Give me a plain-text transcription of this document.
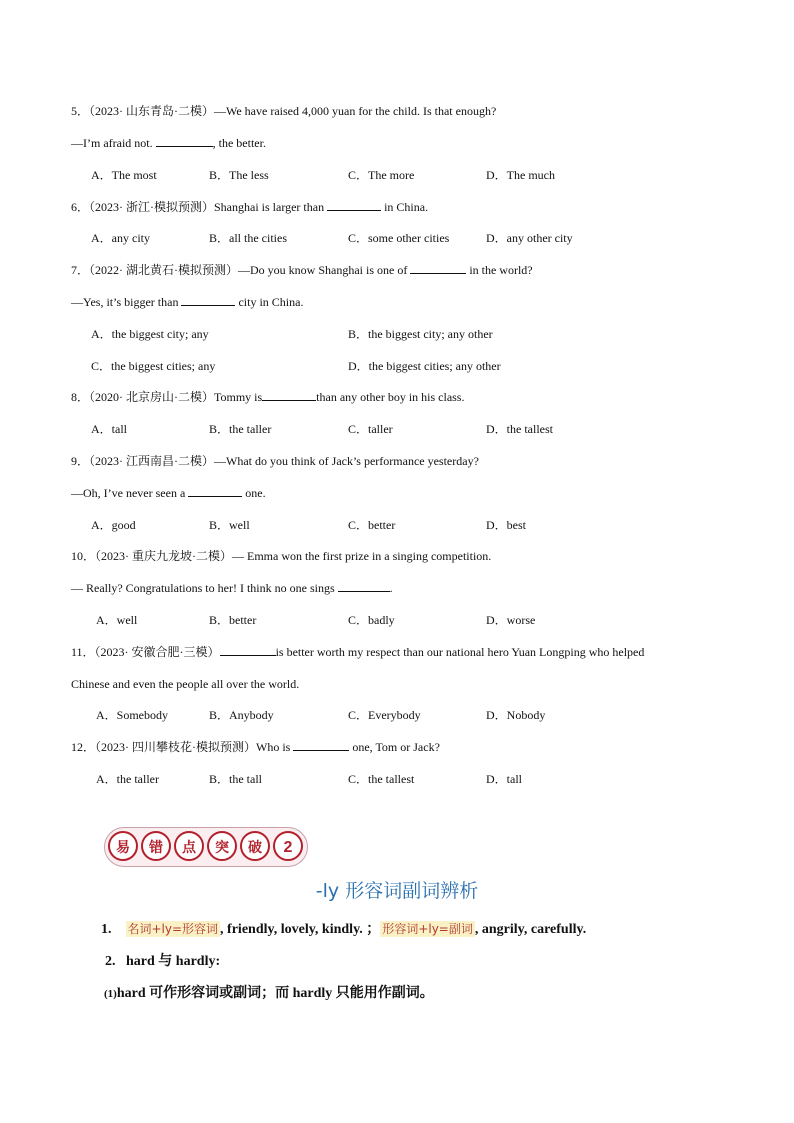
5．（2023· 山东青岛·二模）—We have raised 4,000 yuan for the child. Is that enough?
—I’m afraid not.	, the better.
A．The most	B．The less	C．The more	D．The much
6．（2023· 浙江·模拟预测）Shanghai is larger than	in China.
A．any city	B．all the cities	C．some other cities	D．any other city
7．（2022· 湖北黄石·模拟预测）—Do you know Shanghai is one of	in the world?
—Yes, it’s bigger than	city in China.
A．the biggest city; any	B．the biggest city; any other
C．the biggest cities; any	D．the biggest cities; any other
8．（2020· 北京房山·二模）Tommy is	than any other boy in his class.
A．tall	B．the taller	C．taller	D．the tallest
9．（2023· 江西南昌·二模）—What do you think of Jack’s performance yesterday?
—Oh, I’ve never seen a	one.
A．good	B．well	C．better	D．best
10．（2023· 重庆九龙坡·二模）— Emma won the first prize in a singing competition.
— Really? Congratulations to her! I think no one sings	.
A．well	B．better	C．badly	D．worse
11．（2023· 安徽合肥·三模）	is better worth my respect than our national hero Yuan Longping who helped
Chinese and even the people all over the world.
A．Somebody	B．Anybody	C．Everybody	D．Nobody
12．（2023· 四川攀枝花·模拟预测）Who is	one, Tom or Jack?
A．the taller	B．the tall	C．the tallest	D．tall
易	错	点	突	破	2
-ly 形容词副词辨析
1. 名词+ly=形容词 , friendly, lovely, kindly. ； 形容词+ly=副词 , angrily, carefully.
2. hard 与 hardly:
(1)hard 可作形容词或副词；而 hardly 只能用作副词。
